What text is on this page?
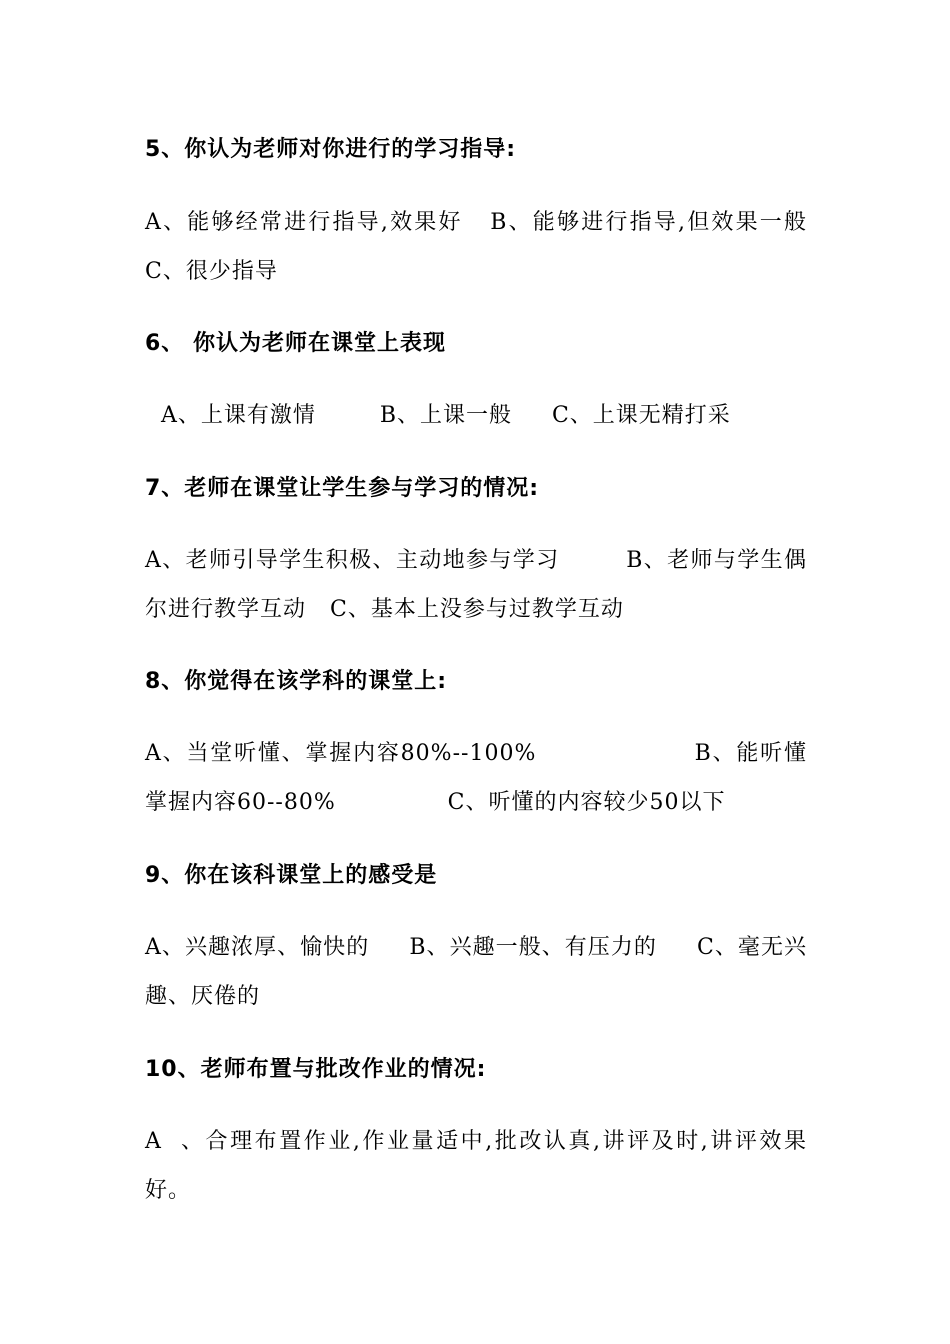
5、你认为老师对你进行的学习指导:

A、能够经常进行指导,效果好   B、能够进行指导,但效果一般    C、很少指导

6、 你认为老师在课堂上表现

A、上课有激情        B、上课一般     C、上课无精打采

7、老师在课堂让学生参与学习的情况:

A、老师引导学生积极、主动地参与学习        B、老师与学生偶尔进行教学互动   C、基本上没参与过教学互动

8、你觉得在该学科的课堂上:

A、当堂听懂、掌握内容80%--100%                  B、能听懂 掌握内容60--80%              C、听懂的内容较少50以下

9、你在该科课堂上的感受是

A、兴趣浓厚、愉快的     B、兴趣一般、有压力的     C、毫无兴趣、厌倦的

10、老师布置与批改作业的情况:

A  、合理布置作业,作业量适中,批改认真,讲评及时,讲评效果好。
